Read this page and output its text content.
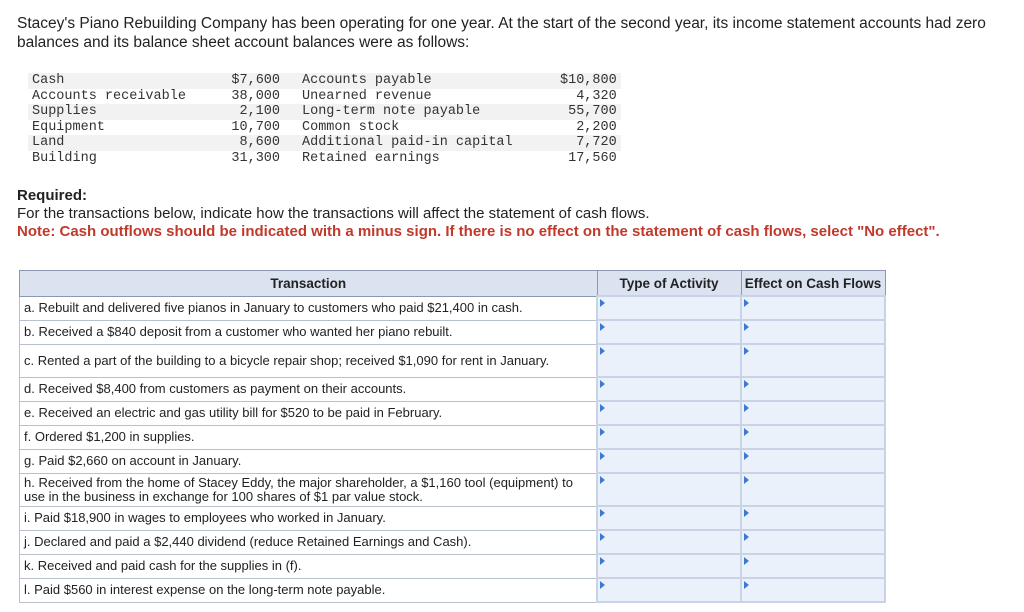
Stacey's Piano Rebuilding Company has been operating for one year. At the start of the second year, its income statement accounts had zero balances and its balance sheet account balances were as follows:

Cash	$7,600	Accounts payable	$10,800
Accounts receivable	38,000	Unearned revenue	4,320
Supplies	2,100	Long-term note payable	55,700
Equipment	10,700	Common stock	2,200
Land	8,600	Additional paid-in capital	7,720
Building	31,300	Retained earnings	17,560
Required:
For the transactions below, indicate how the transactions will affect the statement of cash flows.
Note: Cash outflows should be indicated with a minus sign. If there is no effect on the statement of cash flows, select "No effect".
Transaction	Type of Activity	Effect on Cash Flows
a. Rebuilt and delivered five pianos in January to customers who paid $21,400 in cash.		
b. Received a $840 deposit from a customer who wanted her piano rebuilt.		
c. Rented a part of the building to a bicycle repair shop; received $1,090 for rent in January.		
d. Received $8,400 from customers as payment on their accounts.		
e. Received an electric and gas utility bill for $520 to be paid in February.		
f. Ordered $1,200 in supplies.		
g. Paid $2,660 on account in January.		
h. Received from the home of Stacey Eddy, the major shareholder, a $1,160 tool (equipment) to use in the business in exchange for 100 shares of $1 par value stock.		
i. Paid $18,900 in wages to employees who worked in January.		
j. Declared and paid a $2,440 dividend (reduce Retained Earnings and Cash).		
k. Received and paid cash for the supplies in (f).		
l. Paid $560 in interest expense on the long-term note payable.		
